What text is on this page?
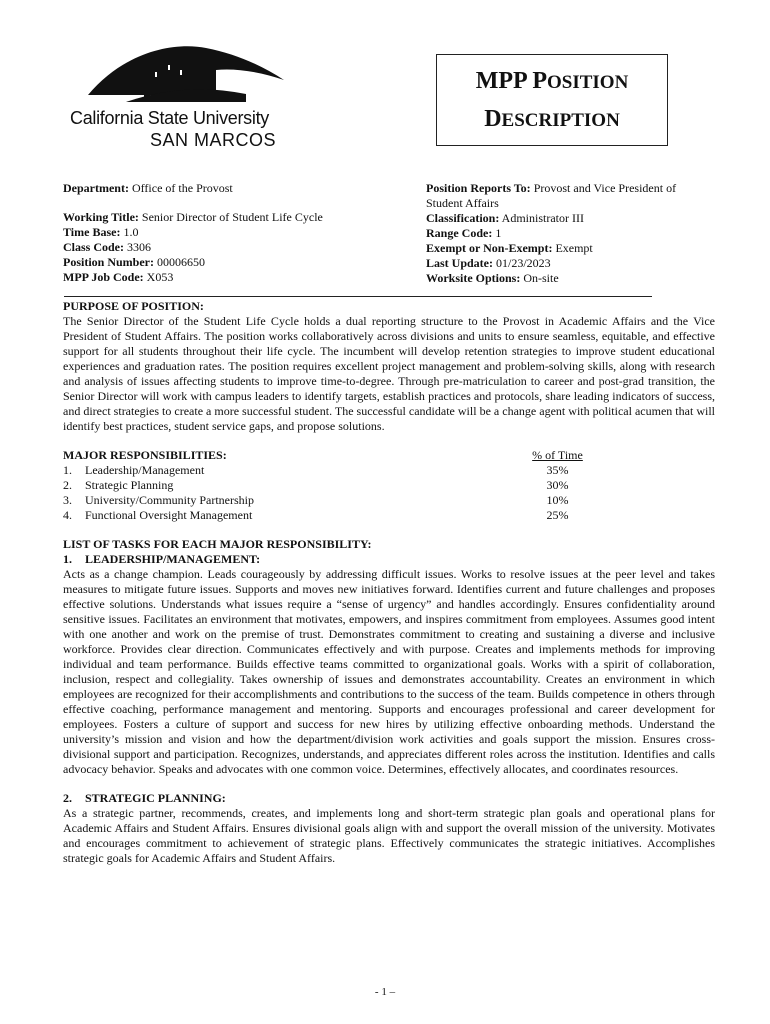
California State University
SAN MARCOS
MPP POSITION
DESCRIPTION
Department: Office of the Provost
Working Title: Senior Director of Student Life Cycle
Time Base: 1.0
Class Code: 3306
Position Number: 00006650
MPP Job Code: X053
Position Reports To: Provost and Vice President of
Student Affairs
Classification: Administrator III
Range Code: 1
Exempt or Non-Exempt: Exempt
Last Update: 01/23/2023
Worksite Options: On-site
PURPOSE OF POSITION:

The Senior Director of the Student Life Cycle holds a dual reporting structure to the Provost in Academic Affairs and the Vice President of Student Affairs. The position works collaboratively across divisions and units to ensure seamless, equitable, and effective support for all students throughout their life cycle. The incumbent will develop retention strategies to improve student educational experiences and graduation rates. The position requires excellent project management and problem-solving skills, along with research and analysis of issues affecting students to improve time-to-degree. Through pre-matriculation to career and post-grad transition, the Senior Director will work with campus leaders to identify targets, establish practices and protocols, share leading indicators of success, and direct strategies to create a more successful student. The successful candidate will be a change agent with political acumen that will identify best practices, student service gaps, and propose solutions.

MAJOR RESPONSIBILITIES:	% of Time
1.	Leadership/Management	35%
2.	Strategic Planning	30%
3.	University/Community Partnership	10%
4.	Functional Oversight Management	25%
LIST OF TASKS FOR EACH MAJOR RESPONSIBILITY:
1.	LEADERSHIP/MANAGEMENT:

Acts as a change champion. Leads courageously by addressing difficult issues. Works to resolve issues at the peer level and takes measures to mitigate future issues. Supports and moves new initiatives forward. Identifies current and future challenges and proposes effective solutions. Understands what issues require a “sense of urgency” and handles accordingly. Ensures confidentiality around sensitive issues. Facilitates an environment that motivates, empowers, and inspires commitment from employees. Assumes good intent with one another and work on the premise of trust. Demonstrates commitment to creating and sustaining a diverse and inclusive workforce. Provides clear direction. Communicates effectively and with purpose. Creates and implements methods for improving individual and team performance. Builds effective teams committed to organizational goals. Works with a spirit of collaboration, inclusion, respect and collegiality. Takes ownership of issues and demonstrates accountability. Creates an environment in which employees are recognized for their accomplishments and contributions to the success of the team. Builds competence in others through effective coaching, performance management and mentoring. Supports and encourages professional and career development for employees. Fosters a culture of support and success for new hires by utilizing effective onboarding methods. Understand the university’s mission and vision and how the department/division work activities and goals support the mission. Ensures cross-divisional support and participation. Recognizes, understands, and appreciates different roles across the institution. Identifies and calls advocacy behavior. Speaks and advocates with one common voice. Determines, effectively allocates, and coordinates resources.

2.	STRATEGIC PLANNING:

As a strategic partner, recommends, creates, and implements long and short-term strategic plan goals and operational plans for Academic Affairs and Student Affairs. Ensures divisional goals align with and support the overall mission of the university. Motivates and encourages commitment to achievement of strategic plans. Effectively communicates the strategic initiatives. Accomplishes strategic goals for Academic Affairs and Student Affairs.

- 1 –
